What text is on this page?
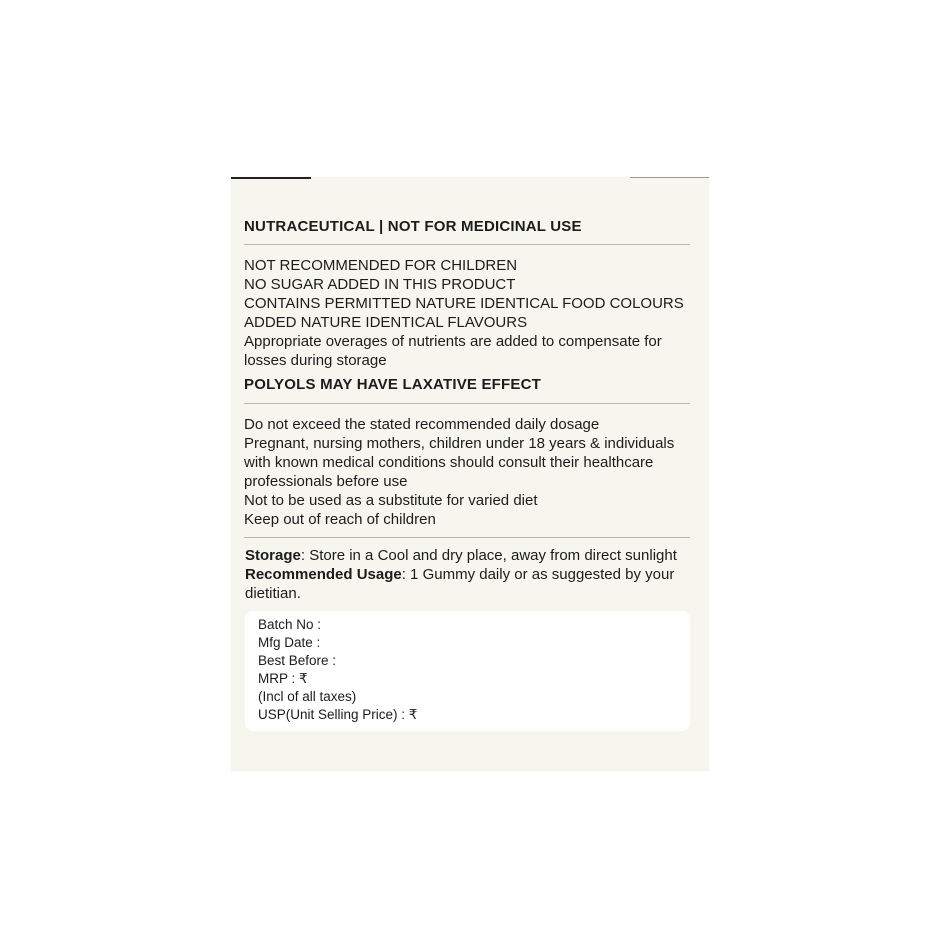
NUTRACEUTICAL | NOT FOR MEDICINAL USE
NOT RECOMMENDED FOR CHILDREN
NO SUGAR ADDED IN THIS PRODUCT
CONTAINS PERMITTED NATURE IDENTICAL FOOD COLOURS
ADDED NATURE IDENTICAL FLAVOURS
Appropriate overages of nutrients are added to compensate for
losses during storage
POLYOLS MAY HAVE LAXATIVE EFFECT
Do not exceed the stated recommended daily dosage
Pregnant, nursing mothers, children under 18 years & individuals
with known medical conditions should consult their healthcare
professionals before use
Not to be used as a substitute for varied diet
Keep out of reach of children
Storage: Store in a Cool and dry place, away from direct sunlight
Recommended Usage: 1 Gummy daily or as suggested by your
dietitian.
Batch No :
Mfg Date :
Best Before :
MRP : ₹
(Incl of all taxes)
USP(Unit Selling Price) : ₹
